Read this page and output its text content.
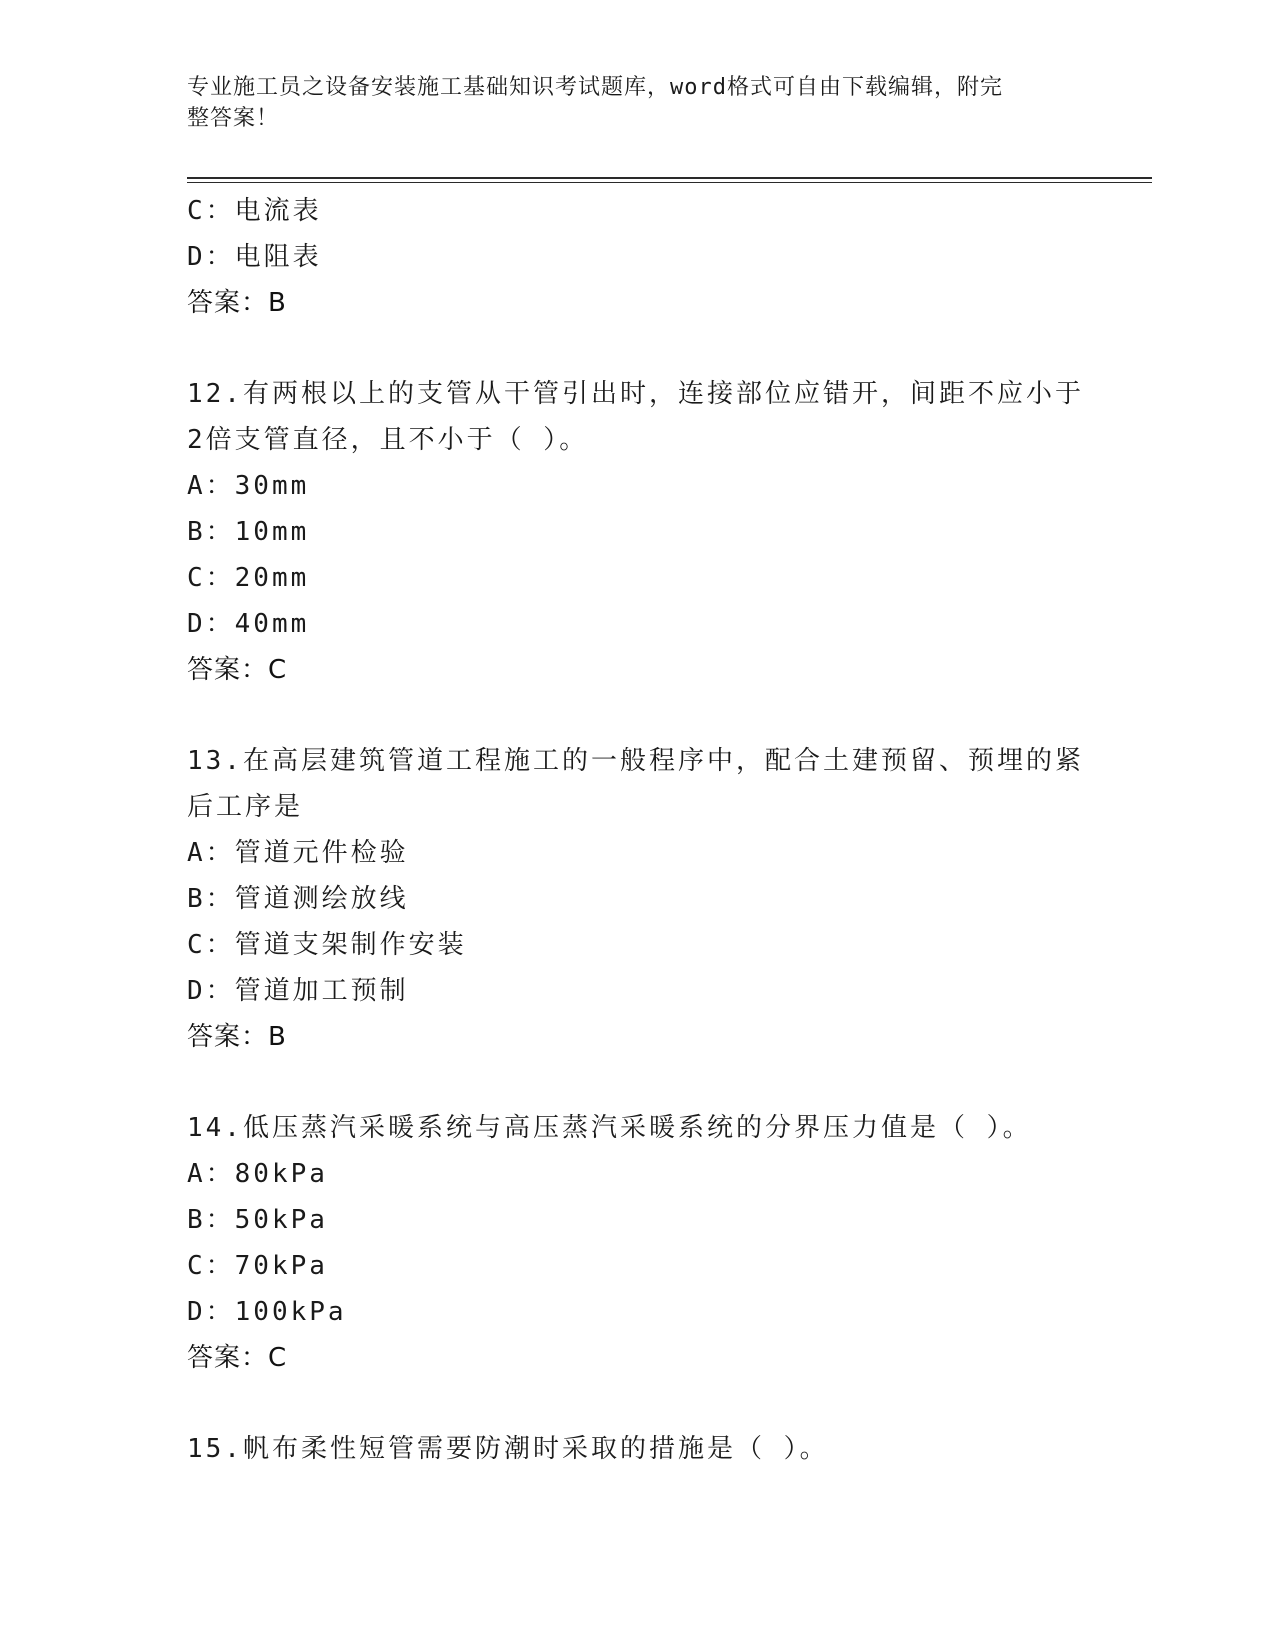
专业施工员之设备安装施工基础知识考试题库，word格式可自由下载编辑，附完
整答案！
C：电流表
D：电阻表
答案：B
12.有两根以上的支管从干管引出时，连接部位应错开，间距不应小于
2倍支管直径，且不小于（ ）。
A：30mm
B：10mm
C：20mm
D：40mm
答案：C
13.在高层建筑管道工程施工的一般程序中，配合土建预留、预埋的紧
后工序是
A：管道元件检验
B：管道测绘放线
C：管道支架制作安装
D：管道加工预制
答案：B
14.低压蒸汽采暖系统与高压蒸汽采暖系统的分界压力值是（ ）。
A：80kPa
B：50kPa
C：70kPa
D：100kPa
答案：C
15.帆布柔性短管需要防潮时采取的措施是（ ）。
